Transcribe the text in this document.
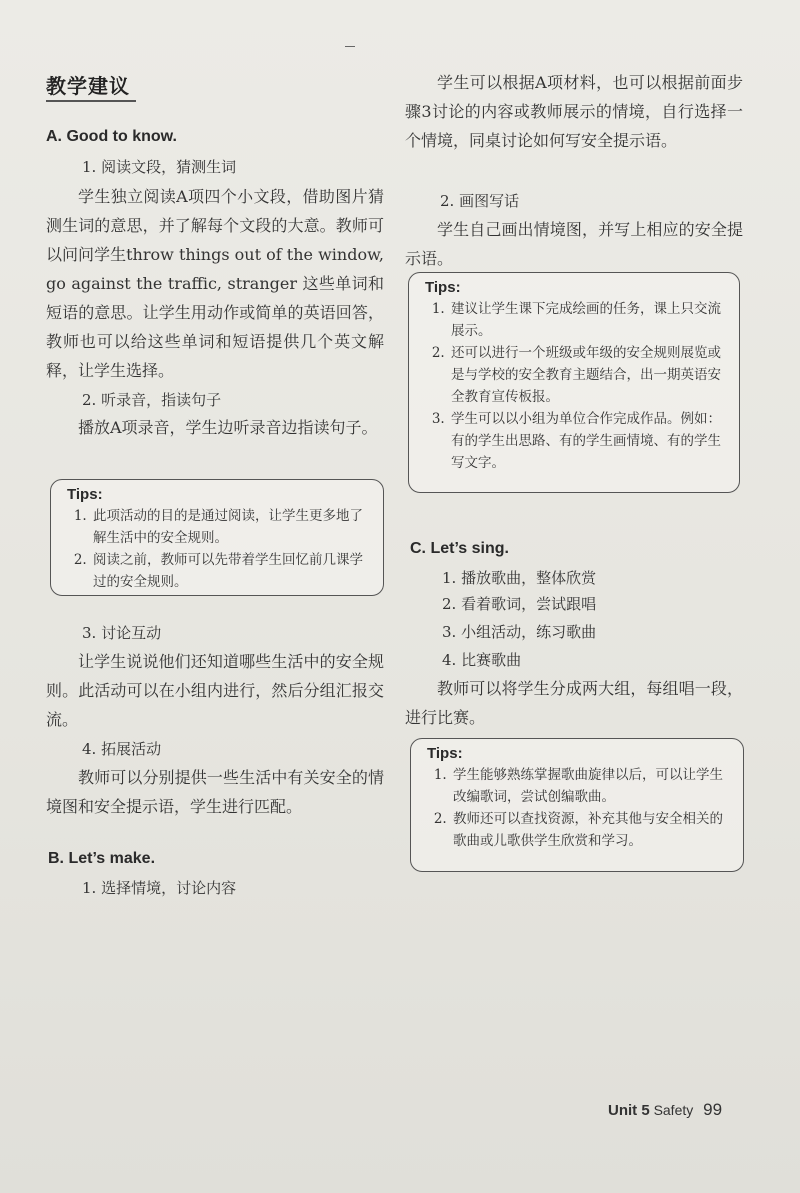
教学建议
A. Good to know.
1. 阅读文段，猜测生词

学生独立阅读A项四个小文段，借助图片猜测生词的意思，并了解每个文段的大意。教师可以问问学生throw things out of the window, go against the traffic, stranger 这些单词和短语的意思。让学生用动作或简单的英语回答，教师也可以给这些单词和短语提供几个英文解释，让学生选择。

2. 听录音，指读句子

播放A项录音，学生边听录音边指读句子。

Tips:
1. 此项活动的目的是通过阅读，让学生更多地了解生活中的安全规则。
2. 阅读之前，教师可以先带着学生回忆前几课学过的安全规则。
3. 讨论互动

让学生说说他们还知道哪些生活中的安全规则。此活动可以在小组内进行，然后分组汇报交流。

4. 拓展活动

教师可以分别提供一些生活中有关安全的情境图和安全提示语，学生进行匹配。

B. Let’s make.
1. 选择情境，讨论内容

学生可以根据A项材料，也可以根据前面步骤3讨论的内容或教师展示的情境，自行选择一个情境，同桌讨论如何写安全提示语。

2. 画图写话

学生自己画出情境图，并写上相应的安全提示语。

Tips:
1. 建议让学生课下完成绘画的任务，课上只交流展示。
2. 还可以进行一个班级或年级的安全规则展览或是与学校的安全教育主题结合，出一期英语安全教育宣传板报。
3. 学生可以以小组为单位合作完成作品。例如：有的学生出思路、有的学生画情境、有的学生写文字。
C. Let’s sing.
1. 播放歌曲，整体欣赏
2. 看着歌词，尝试跟唱
3. 小组活动，练习歌曲
4. 比赛歌曲

教师可以将学生分成两大组，每组唱一段，进行比赛。

Tips:
1. 学生能够熟练掌握歌曲旋律以后，可以让学生改编歌词，尝试创编歌曲。
2. 教师还可以查找资源，补充其他与安全相关的歌曲或儿歌供学生欣赏和学习。
Unit 5 Safety 99
